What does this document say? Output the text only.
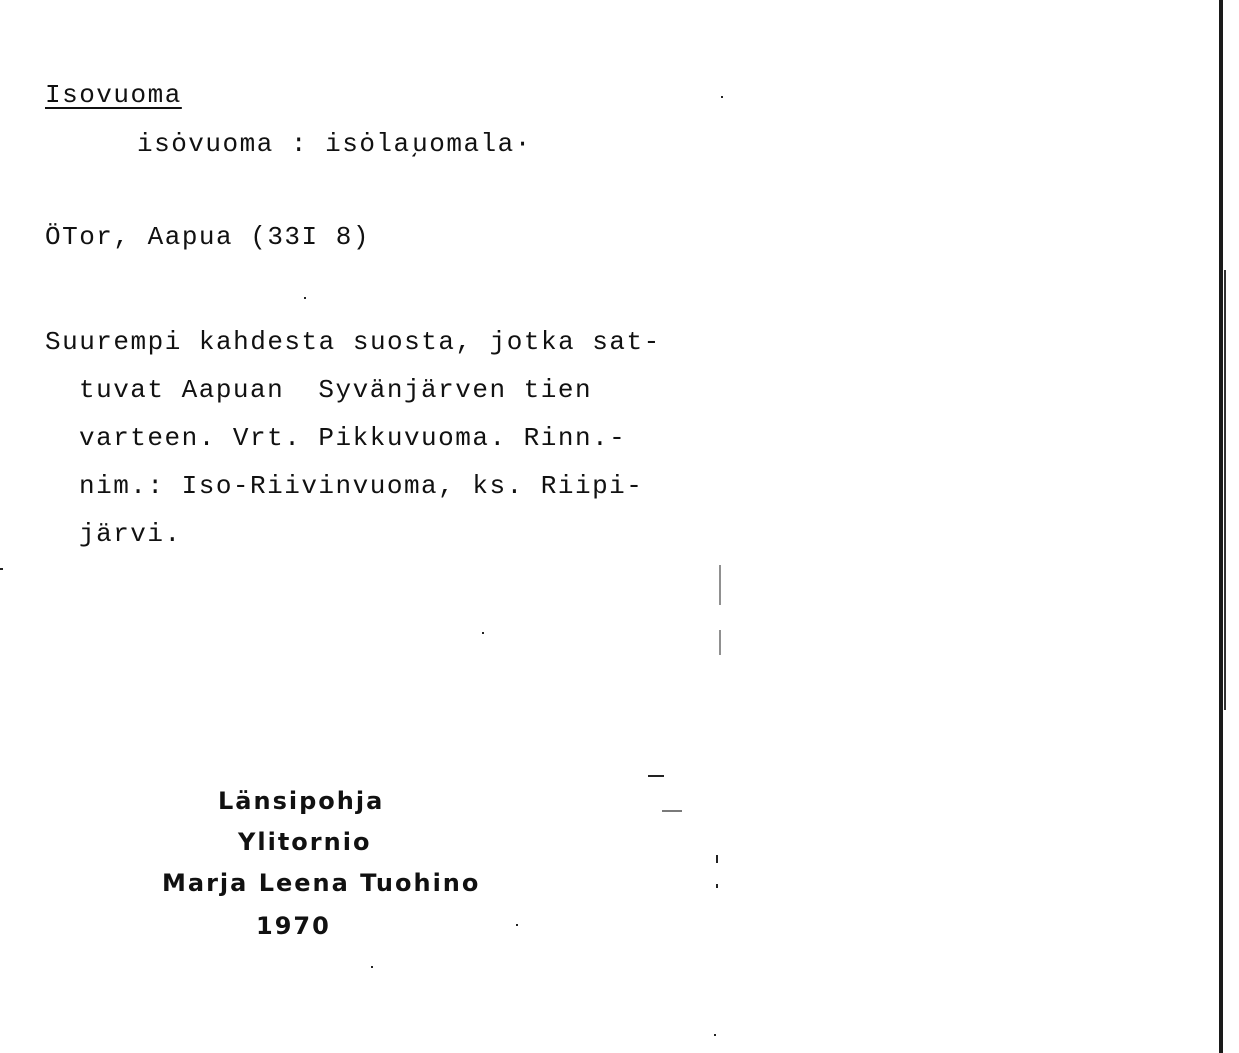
Isovuoma
isȯvuoma : isȯla͵uomala·
ÖTor, Aapua (33I 8)
Suurempi kahdesta suosta, jotka sat-
tuvat Aapuan  Syvänjärven tien
varteen. Vrt. Pikkuvuoma. Rinn.-
nim.: Iso-Riivinvuoma, ks. Riipi-
järvi.
Länsipohja
Ylitornio
Marja Leena Tuohino
1970
